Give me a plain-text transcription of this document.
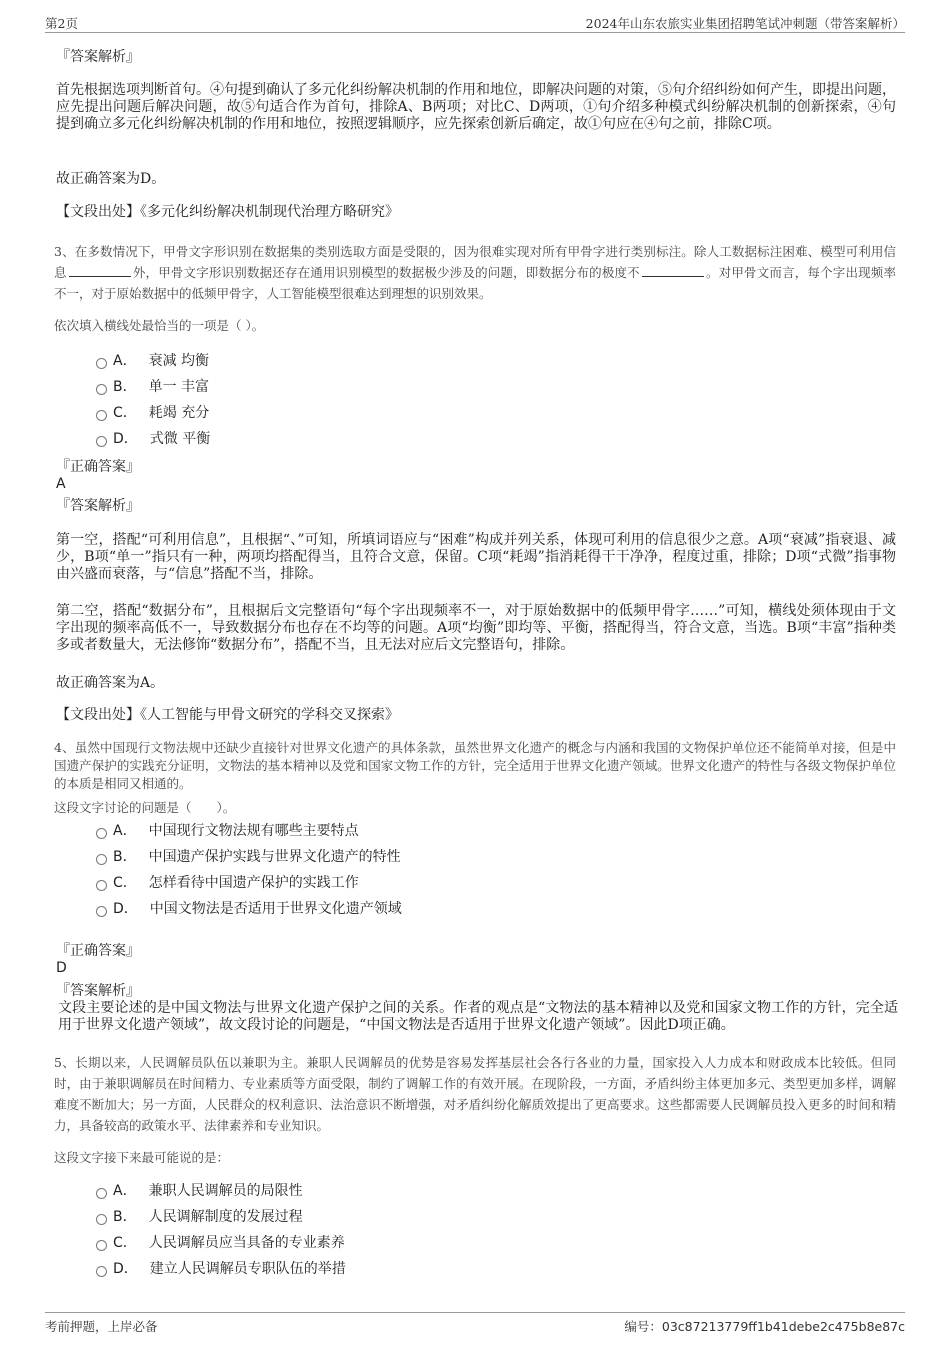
第2页	2024年山东农旅实业集团招聘笔试冲刺题（带答案解析）
『答案解析』
首先根据选项判断首句。④句提到确认了多元化纠纷解决机制的作用和地位，即解决问题的对策，⑤句介绍纠纷如何产生，即提出问题，应先提出问题后解决问题，故⑤句适合作为首句，排除A、B两项；对比C、D两项，①句介绍多种模式纠纷解决机制的创新探索，④句提到确立多元化纠纷解决机制的作用和地位，按照逻辑顺序，应先探索创新后确定，故①句应在④句之前，排除C项。
故正确答案为D。
【文段出处】《多元化纠纷解决机制现代治理方略研究》
3、在多数情况下，甲骨文字形识别在数据集的类别选取方面是受限的，因为很难实现对所有甲骨字进行类别标注。除人工数据标注困难、模型可利用信息	外，甲骨文字形识别数据还存在通用识别模型的数据极少涉及的问题，即数据分布的极度不	。对甲骨文而言，每个字出现频率不一，对于原始数据中的低频甲骨字，人工智能模型很难达到理想的识别效果。
依次填入横线处最恰当的一项是（ ）。
A． 衰减 均衡
B． 单一 丰富
C． 耗竭 充分
D． 式微 平衡
『正确答案』
A
『答案解析』
第一空，搭配“可利用信息”，且根据“、”可知，所填词语应与“困难”构成并列关系，体现可利用的信息很少之意。A项“衰减”指衰退、减少，B项“单一”指只有一种，两项均搭配得当，且符合文意，保留。C项“耗竭”指消耗得干干净净，程度过重，排除；D项“式微”指事物由兴盛而衰落，与“信息”搭配不当，排除。
第二空，搭配“数据分布”，且根据后文完整语句“每个字出现频率不一，对于原始数据中的低频甲骨字……”可知，横线处须体现由于文字出现的频率高低不一，导致数据分布也存在不均等的问题。A项“均衡”即均等、平衡，搭配得当，符合文意，当选。B项“丰富”指种类多或者数量大，无法修饰“数据分布”，搭配不当，且无法对应后文完整语句，排除。
故正确答案为A。
【文段出处】《人工智能与甲骨文研究的学科交叉探索》
4、虽然中国现行文物法规中还缺少直接针对世界文化遗产的具体条款，虽然世界文化遗产的概念与内涵和我国的文物保护单位还不能简单对接，但是中国遗产保护的实践充分证明，文物法的基本精神以及党和国家文物工作的方针，完全适用于世界文化遗产领域。世界文化遗产的特性与各级文物保护单位的本质是相同又相通的。
这段文字讨论的问题是（　　）。
A． 中国现行文物法规有哪些主要特点
B． 中国遗产保护实践与世界文化遗产的特性
C． 怎样看待中国遗产保护的实践工作
D． 中国文物法是否适用于世界文化遗产领域
『正确答案』
D
『答案解析』
文段主要论述的是中国文物法与世界文化遗产保护之间的关系。作者的观点是“文物法的基本精神以及党和国家文物工作的方针，完全适用于世界文化遗产领域”，故文段讨论的问题是，“中国文物法是否适用于世界文化遗产领域”。因此D项正确。
5、长期以来，人民调解员队伍以兼职为主。兼职人民调解员的优势是容易发挥基层社会各行各业的力量，国家投入人力成本和财政成本比较低。但同时，由于兼职调解员在时间精力、专业素质等方面受限，制约了调解工作的有效开展。在现阶段，一方面，矛盾纠纷主体更加多元、类型更加多样，调解难度不断加大；另一方面，人民群众的权利意识、法治意识不断增强，对矛盾纠纷化解质效提出了更高要求。这些都需要人民调解员投入更多的时间和精力，具备较高的政策水平、法律素养和专业知识。
这段文字接下来最可能说的是：
A． 兼职人民调解员的局限性
B． 人民调解制度的发展过程
C． 人民调解员应当具备的专业素养
D． 建立人民调解员专职队伍的举措
考前押题，上岸必备	编号：03c87213779ff1b41debe2c475b8e87c
